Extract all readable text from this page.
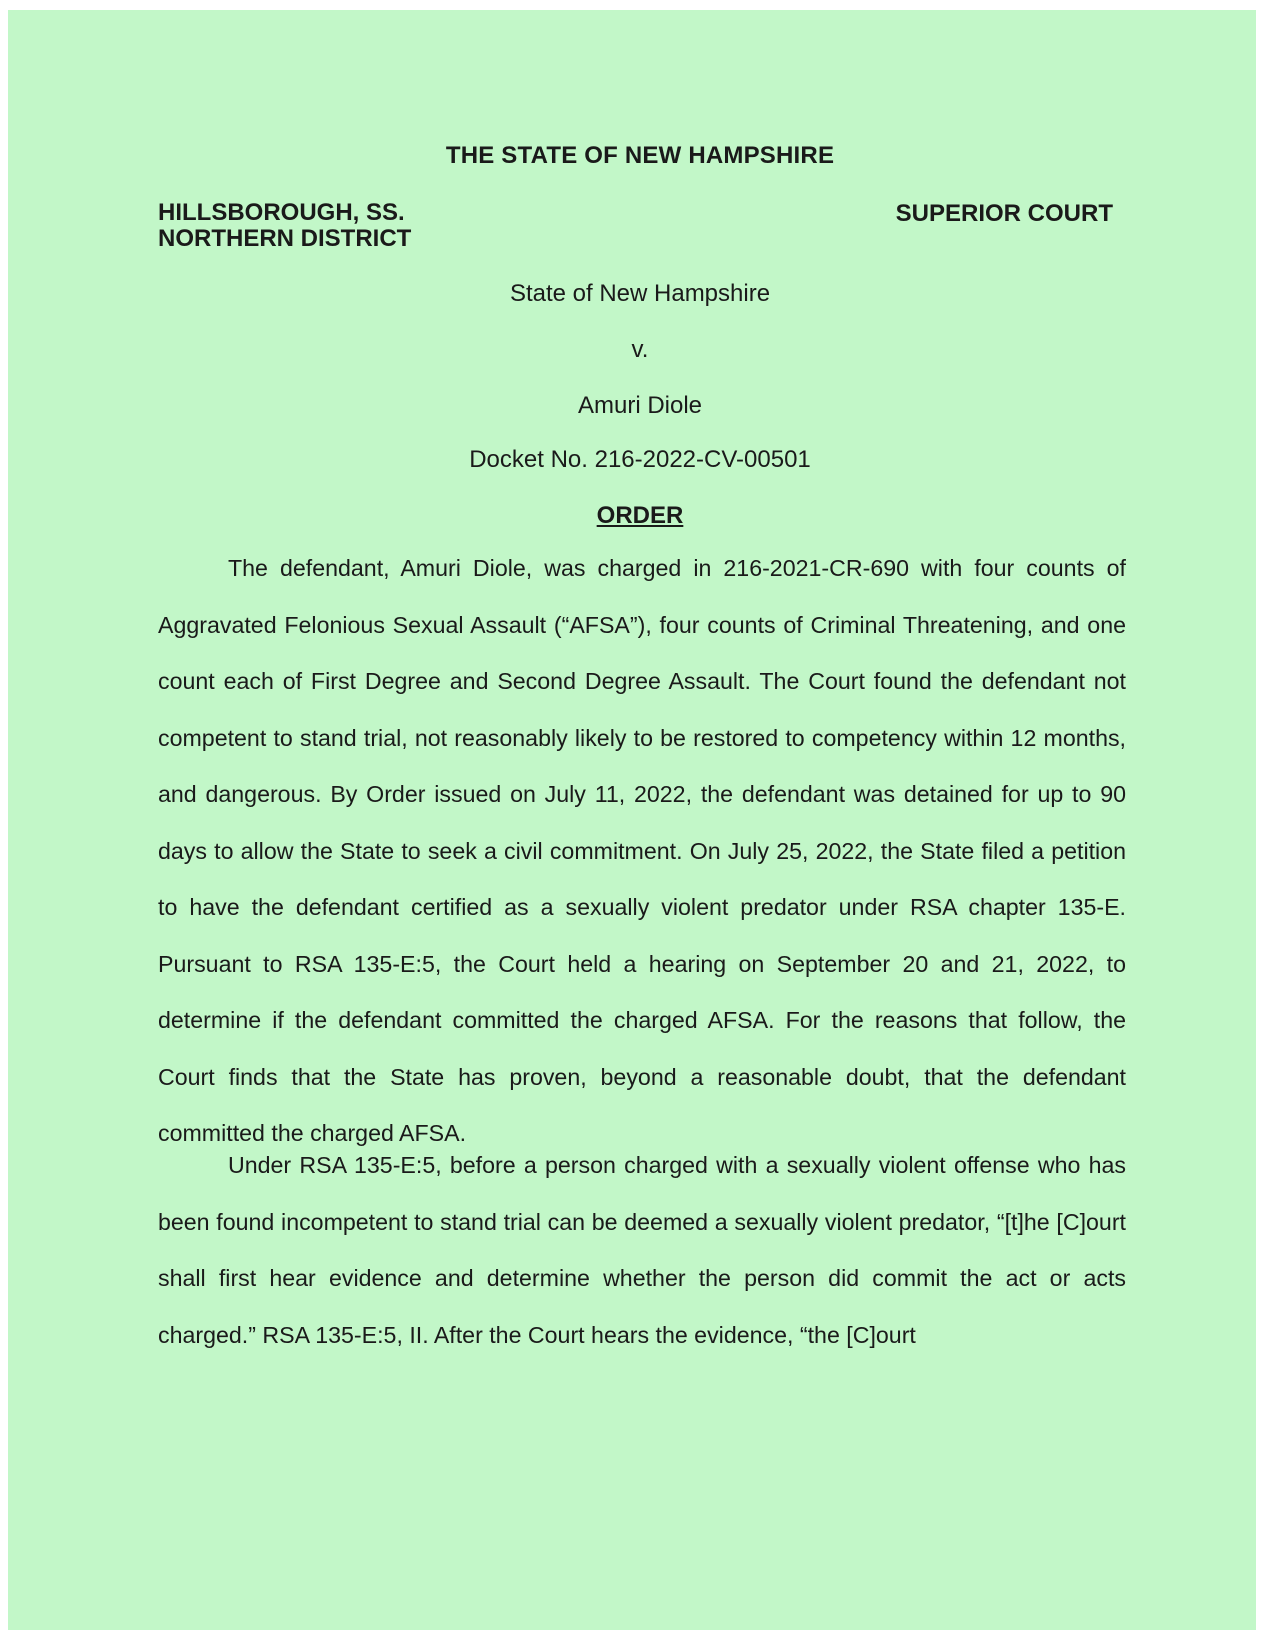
THE STATE OF NEW HAMPSHIRE
HILLSBOROUGH, SS.
NORTHERN DISTRICT
SUPERIOR COURT
State of New Hampshire
v.
Amuri Diole
Docket No. 216-2022-CV-00501
ORDER

The defendant, Amuri Diole, was charged in 216-2021-CR-690 with four counts of Aggravated Felonious Sexual Assault (“AFSA”), four counts of Criminal Threatening, and one count each of First Degree and Second Degree Assault. The Court found the defendant not competent to stand trial, not reasonably likely to be restored to competency within 12 months, and dangerous. By Order issued on July 11, 2022, the defendant was detained for up to 90 days to allow the State to seek a civil commitment. On July 25, 2022, the State filed a petition to have the defendant certified as a sexually violent predator under RSA chapter 135-E. Pursuant to RSA 135-E:5, the Court held a hearing on September 20 and 21, 2022, to determine if the defendant committed the charged AFSA. For the reasons that follow, the Court finds that the State has proven, beyond a reasonable doubt, that the defendant committed the charged AFSA.

Under RSA 135-E:5, before a person charged with a sexually violent offense who has been found incompetent to stand trial can be deemed a sexually violent predator, “[t]he [C]ourt shall first hear evidence and determine whether the person did commit the act or acts charged.” RSA 135-E:5, II. After the Court hears the evidence, “the [C]ourt
